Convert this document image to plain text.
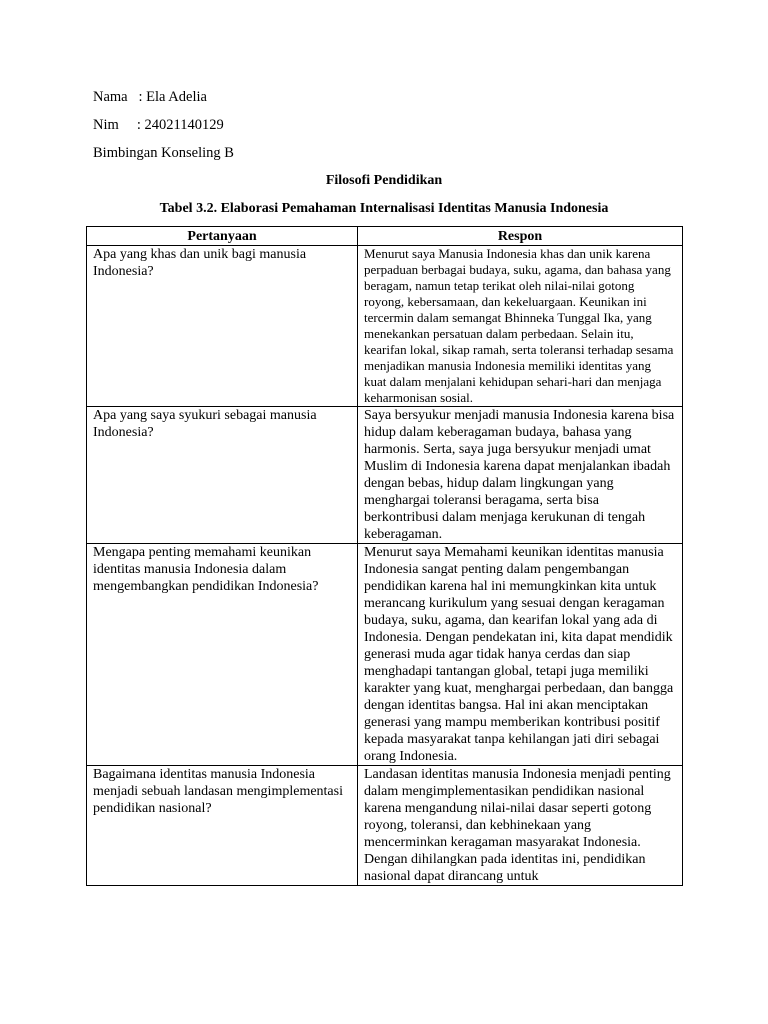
Nama   : Ela Adelia

Nim     : 24021140129

Bimbingan Konseling B

Filosofi Pendidikan

Tabel 3.2. Elaborasi Pemahaman Internalisasi Identitas Manusia Indonesia

Pertanyaan	Respon
Apa yang khas dan unik bagi manusia Indonesia?	Menurut saya Manusia Indonesia khas dan unik karena perpaduan berbagai budaya, suku, agama, dan bahasa yang beragam, namun tetap terikat oleh nilai-nilai gotong royong, kebersamaan, dan kekeluargaan. Keunikan ini tercermin dalam semangat Bhinneka Tunggal Ika, yang menekankan persatuan dalam perbedaan. Selain itu, kearifan lokal, sikap ramah, serta toleransi terhadap sesama menjadikan manusia Indonesia memiliki identitas yang kuat dalam menjalani kehidupan sehari-hari dan menjaga keharmonisan sosial.
Apa yang saya syukuri sebagai manusia Indonesia?	Saya bersyukur menjadi manusia Indonesia karena bisa hidup dalam keberagaman budaya, bahasa yang harmonis. Serta, saya juga bersyukur menjadi umat Muslim di Indonesia karena dapat menjalankan ibadah dengan bebas, hidup dalam lingkungan yang menghargai toleransi beragama, serta bisa berkontribusi dalam menjaga kerukunan di tengah keberagaman.
Mengapa penting memahami keunikan identitas manusia Indonesia dalam mengembangkan pendidikan Indonesia?	Menurut saya Memahami keunikan identitas manusia Indonesia sangat penting dalam pengembangan pendidikan karena hal ini memungkinkan kita untuk merancang kurikulum yang sesuai dengan keragaman budaya, suku, agama, dan kearifan lokal yang ada di Indonesia. Dengan pendekatan ini, kita dapat mendidik generasi muda agar tidak hanya cerdas dan siap menghadapi tantangan global, tetapi juga memiliki karakter yang kuat, menghargai perbedaan, dan bangga dengan identitas bangsa. Hal ini akan menciptakan generasi yang mampu memberikan kontribusi positif kepada masyarakat tanpa kehilangan jati diri sebagai orang Indonesia.
Bagaimana identitas manusia Indonesia menjadi sebuah landasan mengimplementasi pendidikan nasional?	Landasan identitas manusia Indonesia menjadi penting dalam mengimplementasikan pendidikan nasional karena mengandung nilai-nilai dasar seperti gotong royong, toleransi, dan kebhinekaan yang mencerminkan keragaman masyarakat Indonesia. Dengan dihilangkan pada identitas ini, pendidikan nasional dapat dirancang untuk
